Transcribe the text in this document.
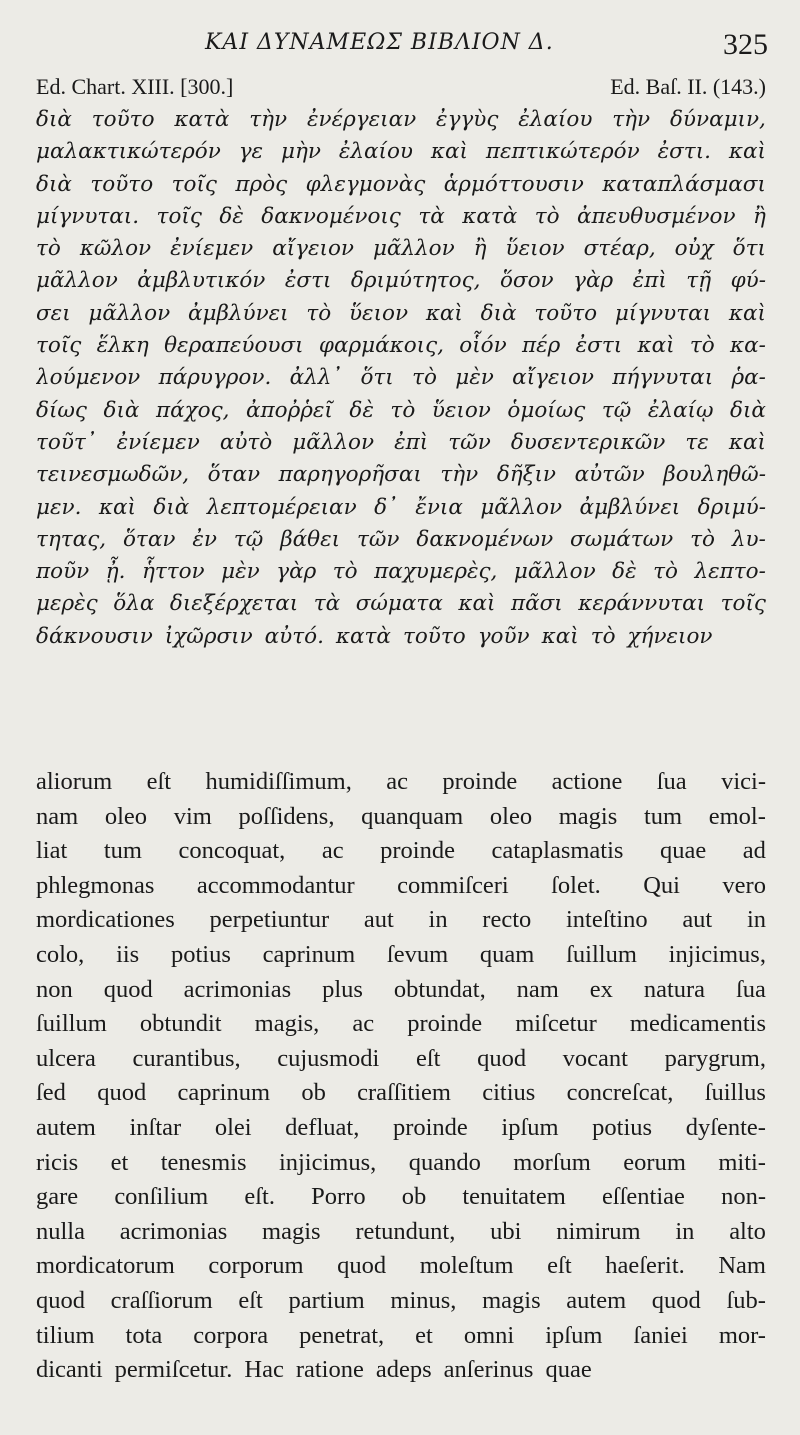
ΚΑΙ ΔΥΝΑΜΕΩΣ ΒΙΒΛΙΟΝ Δ.	325
Ed. Chart. XIII. [300.]	Ed. Baſ. II. (143.)
διὰ τοῦτο κατὰ τὴν ἐνέργειαν ἐγγὺς ἐλαίου τὴν δύναμιν,
μαλακτικώτερόν γε μὴν ἐλαίου καὶ πεπτικώτερόν ἐστι. καὶ
διὰ τοῦτο τοῖς πρὸς φλεγμονὰς ἁρμόττουσιν καταπλάσμασι
μίγνυται. τοῖς δὲ δακνομένοις τὰ κατὰ τὸ ἀπευθυσμένον ἢ
τὸ κῶλον ἐνίεμεν αἴγειον μᾶλλον ἢ ὕειον στέαρ, οὐχ ὅτι
μᾶλλον ἀμβλυτικόν ἐστι δριμύτητος, ὅσον γὰρ ἐπὶ τῇ φύ-
σει μᾶλλον ἀμβλύνει τὸ ὕειον καὶ διὰ τοῦτο μίγνυται καὶ
τοῖς ἕλκη θεραπεύουσι φαρμάκοις, οἷόν πέρ ἐστι καὶ τὸ κα-
λούμενον πάρυγρον. ἀλλ᾽ ὅτι τὸ μὲν αἴγειον πήγνυται ῥα-
δίως διὰ πάχος, ἀποῤῥεῖ δὲ τὸ ὕειον ὁμοίως τῷ ἐλαίῳ διὰ
τοῦτ᾽ ἐνίεμεν αὐτὸ μᾶλλον ἐπὶ τῶν δυσεντερικῶν τε καὶ
τεινεσμωδῶν, ὅταν παρηγορῆσαι τὴν δῆξιν αὐτῶν βουληθῶ-
μεν. καὶ διὰ λεπτομέρειαν δ᾽ ἔνια μᾶλλον ἀμβλύνει δριμύ-
τητας, ὅταν ἐν τῷ βάθει τῶν δακνομένων σωμάτων τὸ λυ-
ποῦν ᾖ. ἧττον μὲν γὰρ τὸ παχυμερὲς, μᾶλλον δὲ τὸ λεπτο-
μερὲς ὅλα διεξέρχεται τὰ σώματα καὶ πᾶσι κεράννυται τοῖς
δάκνουσιν ἰχῶρσιν αὐτό. κατὰ τοῦτο γοῦν καὶ τὸ χήνειον
aliorum eſt humidiſſimum, ac proinde actione ſua vici-
nam oleo vim poſſidens, quanquam oleo magis tum emol-
liat tum concoquat, ac proinde cataplasmatis quae ad
phlegmonas accommodantur commiſceri ſolet. Qui vero
mordicationes perpetiuntur aut in recto inteſtino aut in
colo, iis potius caprinum ſevum quam ſuillum injicimus,
non quod acrimonias plus obtundat, nam ex natura ſua
ſuillum obtundit magis, ac proinde miſcetur medicamentis
ulcera curantibus, cujusmodi eſt quod vocant parygrum,
ſed quod caprinum ob craſſitiem citius concreſcat, ſuillus
autem inſtar olei defluat, proinde ipſum potius dyſente-
ricis et tenesmis injicimus, quando morſum eorum miti-
gare conſilium eſt. Porro ob tenuitatem eſſentiae non-
nulla acrimonias magis retundunt, ubi nimirum in alto
mordicatorum corporum quod moleſtum eſt haeſerit. Nam
quod craſſiorum eſt partium minus, magis autem quod ſub-
tilium tota corpora penetrat, et omni ipſum ſaniei mor-
dicanti permiſcetur. Hac ratione adeps anſerinus quae
